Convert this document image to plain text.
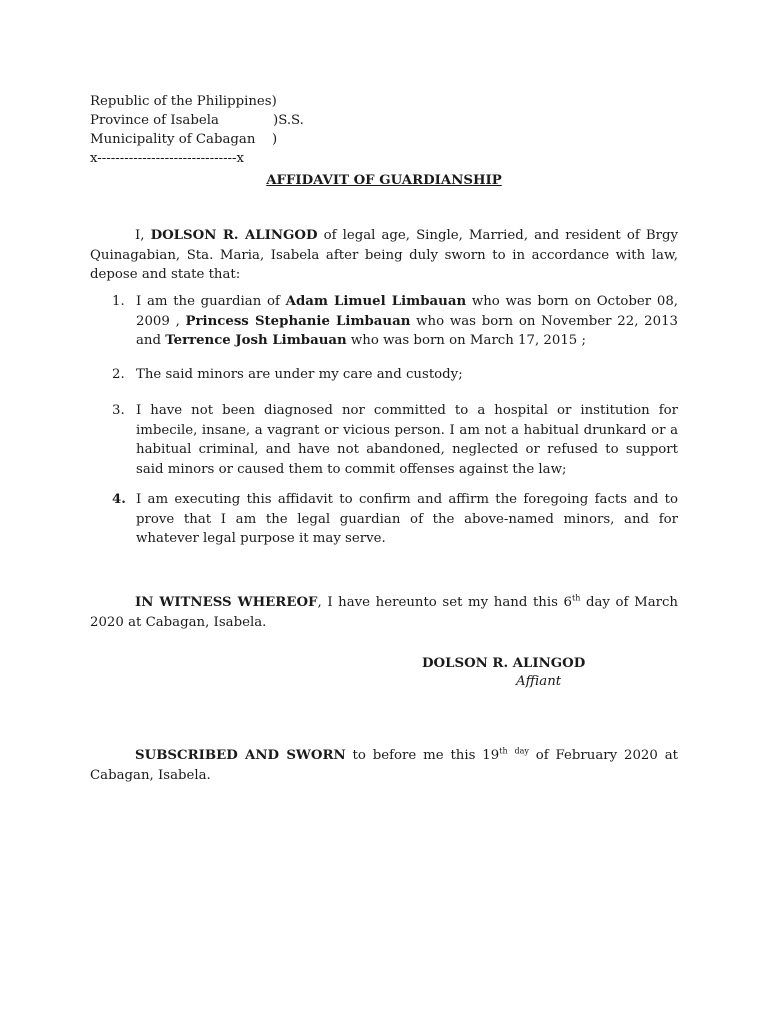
Republic of the Philippines)
Province of Isabela	)S.S.
Municipality of Cabagan )
x-------------------------------x
AFFIDAVIT OF GUARDIANSHIP
I, DOLSON R. ALINGOD of legal age, Single, Married, and resident of Brgy Quinagabian, Sta. Maria, Isabela after being duly sworn to in accordance with law, depose and state that:
1. I am the guardian of Adam Limuel Limbauan who was born on October 08, 2009 , Princess Stephanie Limbauan who was born on November 22, 2013 and Terrence Josh Limbauan who was born on March 17, 2015 ;
2. The said minors are under my care and custody;
3. I have not been diagnosed nor committed to a hospital or institution for imbecile, insane, a vagrant or vicious person. I am not a habitual drunkard or a habitual criminal, and have not abandoned, neglected or refused to support said minors or caused them to commit offenses against the law;
4. I am executing this affidavit to confirm and affirm the foregoing facts and to prove that I am the legal guardian of the above-named minors, and for whatever legal purpose it may serve.
IN WITNESS WHEREOF, I have hereunto set my hand this 6th day of March 2020 at Cabagan, Isabela.
DOLSON R. ALINGOD
Affiant
SUBSCRIBED AND SWORN to before me this 19th $^{day}$ of February 2020 at Cabagan, Isabela.
